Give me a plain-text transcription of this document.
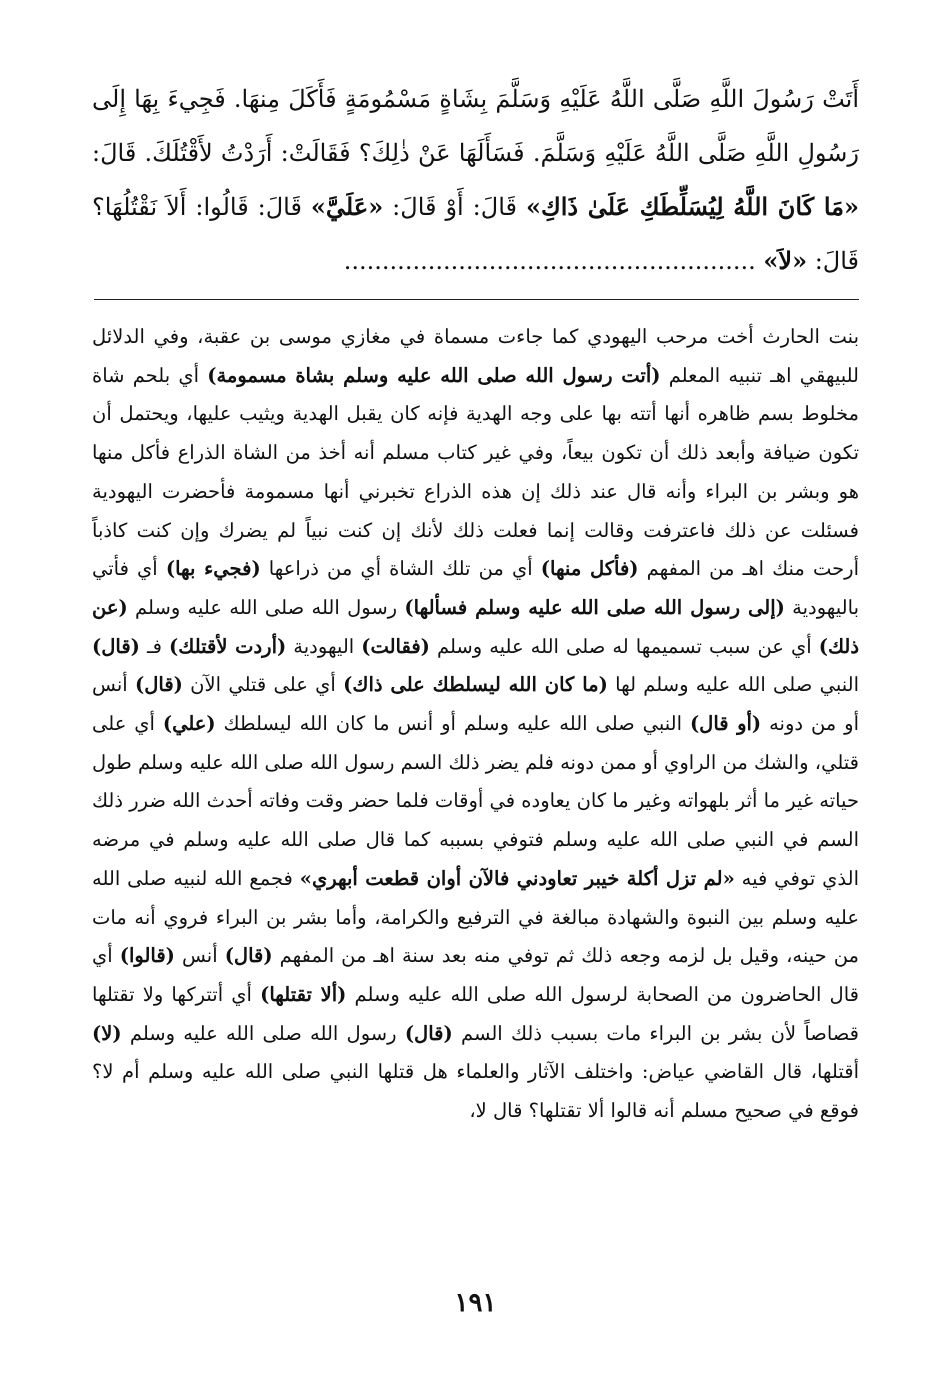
أَتَتْ رَسُولَ اللَّهِ صَلَّى اللَّهُ عَلَيْهِ وَسَلَّمَ بِشَاةٍ مَسْمُومَةٍ فَأَكَلَ مِنهَا. فَجِيءَ بِهَا إِلَى رَسُولِ اللَّهِ صَلَّى اللَّهُ عَلَيْهِ وَسَلَّمَ. فَسَأَلَهَا عَنْ ذٰلِكَ؟ فَقَالَتْ: أَرَدْتُ لأَقْتُلَكَ. قَالَ: «مَا كَانَ اللَّهُ لِيُسَلِّطَكِ عَلَىٰ ذَاكِ» قَالَ: أَوْ قَالَ: «عَلَيَّ» قَالَ: قَالُوا: أَلاَ نَقْتُلُهَا؟ قَالَ: «لاَ» ......................................................

بنت الحارث أخت مرحب اليهودي كما جاءت مسماة في مغازي موسى بن عقبة، وفي الدلائل للبيهقي اهـ تنبيه المعلم (أتت رسول الله صلى الله عليه وسلم بشاة مسمومة) أي بلحم شاة مخلوط بسم ظاهره أنها أتته بها على وجه الهدية فإنه كان يقبل الهدية ويثيب عليها، ويحتمل أن تكون ضيافة وأبعد ذلك أن تكون بيعاً، وفي غير كتاب مسلم أنه أخذ من الشاة الذراع فأكل منها هو وبشر بن البراء وأنه قال عند ذلك إن هذه الذراع تخبرني أنها مسمومة فأحضرت اليهودية فسئلت عن ذلك فاعترفت وقالت إنما فعلت ذلك لأنك إن كنت نبياً لم يضرك وإن كنت كاذباً أرحت منك اهـ من المفهم (فأكل منها) أي من تلك الشاة أي من ذراعها (فجيء بها) أي فأتي باليهودية (إلى رسول الله صلى الله عليه وسلم فسألها) رسول الله صلى الله عليه وسلم (عن ذلك) أي عن سبب تسميمها له صلى الله عليه وسلم (فقالت) اليهودية (أردت لأقتلك) فـ (قال) النبي صلى الله عليه وسلم لها (ما كان الله ليسلطك على ذاك) أي على قتلي الآن (قال) أنس أو من دونه (أو قال) النبي صلى الله عليه وسلم أو أنس ما كان الله ليسلطك (علي) أي على قتلي، والشك من الراوي أو ممن دونه فلم يضر ذلك السم رسول الله صلى الله عليه وسلم طول حياته غير ما أثر بلهواته وغير ما كان يعاوده في أوقات فلما حضر وقت وفاته أحدث الله ضرر ذلك السم في النبي صلى الله عليه وسلم فتوفي بسببه كما قال صلى الله عليه وسلم في مرضه الذي توفي فيه «لم تزل أكلة خيبر تعاودني فالآن أوان قطعت أبهري» فجمع الله لنبيه صلى الله عليه وسلم بين النبوة والشهادة مبالغة في الترفيع والكرامة، وأما بشر بن البراء فروي أنه مات من حينه، وقيل بل لزمه وجعه ذلك ثم توفي منه بعد سنة اهـ من المفهم (قال) أنس (قالوا) أي قال الحاضرون من الصحابة لرسول الله صلى الله عليه وسلم (ألا تقتلها) أي أتتركها ولا تقتلها قصاصاً لأن بشر بن البراء مات بسبب ذلك السم (قال) رسول الله صلى الله عليه وسلم (لا) أقتلها، قال القاضي عياض: واختلف الآثار والعلماء هل قتلها النبي صلى الله عليه وسلم أم لا؟ فوقع في صحيح مسلم أنه قالوا ألا تقتلها؟ قال لا،

١٩١
